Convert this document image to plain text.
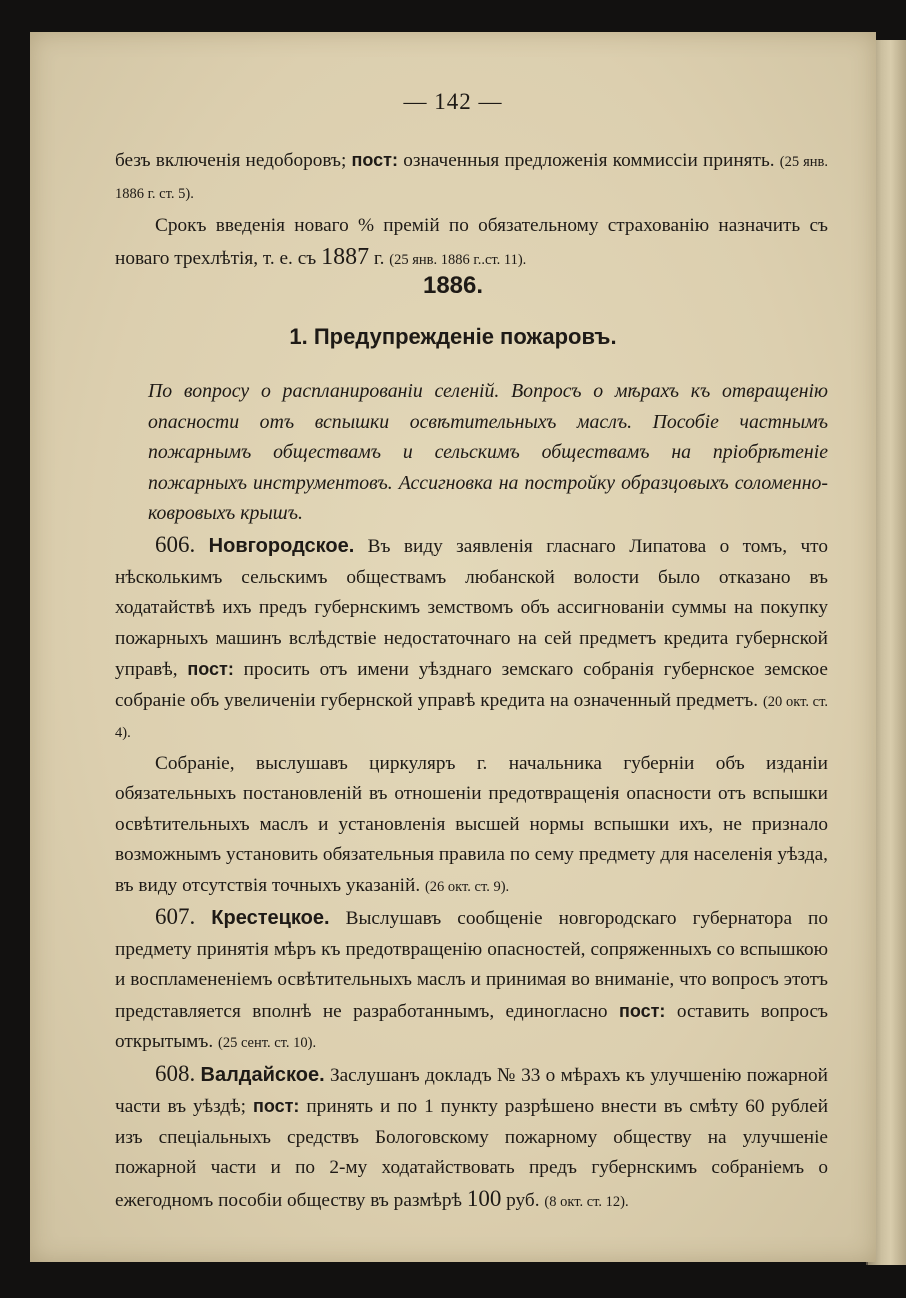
— 142 —

безъ включенія недоборовъ; пост: означенныя предложенія коммиссіи принять. (25 янв. 1886 г. ст. 5).

Срокъ введенія новаго % премій по обязательному страхованію назначить съ новаго трехлѣтія, т. е. съ 1887 г. (25 янв. 1886 г..ст. 11).

1886.
1. Предупрежденіе пожаровъ.
По вопросу о распланированіи селеній. Вопросъ о мѣрахъ къ отвращенію опасности отъ вспышки освѣтительныхъ маслъ. Пособіе частнымъ пожарнымъ обществамъ и сельскимъ обществамъ на пріобрѣтеніе пожарныхъ инструментовъ. Ассигновка на постройку образцовыхъ соломенно-ковровыхъ крышъ.

606. Новгородское. Въ виду заявленія гласнаго Липатова о томъ, что нѣсколькимъ сельскимъ обществамъ любанской волости было отказано въ ходатайствѣ ихъ предъ губернскимъ земствомъ объ ассигнованіи суммы на покупку пожарныхъ машинъ вслѣдствіе недостаточнаго на сей предметъ кредита губернской управѣ, пост: просить отъ имени уѣзднаго земскаго собранія губернское земское собраніе объ увеличеніи губернской управѣ кредита на означенный предметъ. (20 окт. ст. 4).

Собраніе, выслушавъ циркуляръ г. начальника губерніи объ изданіи обязательныхъ постановленій въ отношеніи предотвращенія опасности отъ вспышки освѣтительныхъ маслъ и установленія высшей нормы вспышки ихъ, не признало возможнымъ установить обязательныя правила по сему предмету для населенія уѣзда, въ виду отсутствія точныхъ указаній. (26 окт. ст. 9).

607. Крестецкое. Выслушавъ сообщеніе новгородскаго губернатора по предмету принятія мѣръ къ предотвращенію опасностей, сопряженныхъ со вспышкою и воспламененіемъ освѣтительныхъ маслъ и принимая во вниманіе, что вопросъ этотъ представляется вполнѣ не разработаннымъ, единогласно пост: оставить вопросъ открытымъ. (25 сент. ст. 10).

608. Валдайское. Заслушанъ докладъ № 33 о мѣрахъ къ улучшенію пожарной части въ уѣздѣ; пост: принять и по 1 пункту разрѣшено внести въ смѣту 60 рублей изъ спеціальныхъ средствъ Бологовскому пожарному обществу на улучшеніе пожарной части и по 2-му ходатайствовать предъ губернскимъ собраніемъ о ежегодномъ пособіи обществу въ размѣрѣ 100 руб. (8 окт. ст. 12).
